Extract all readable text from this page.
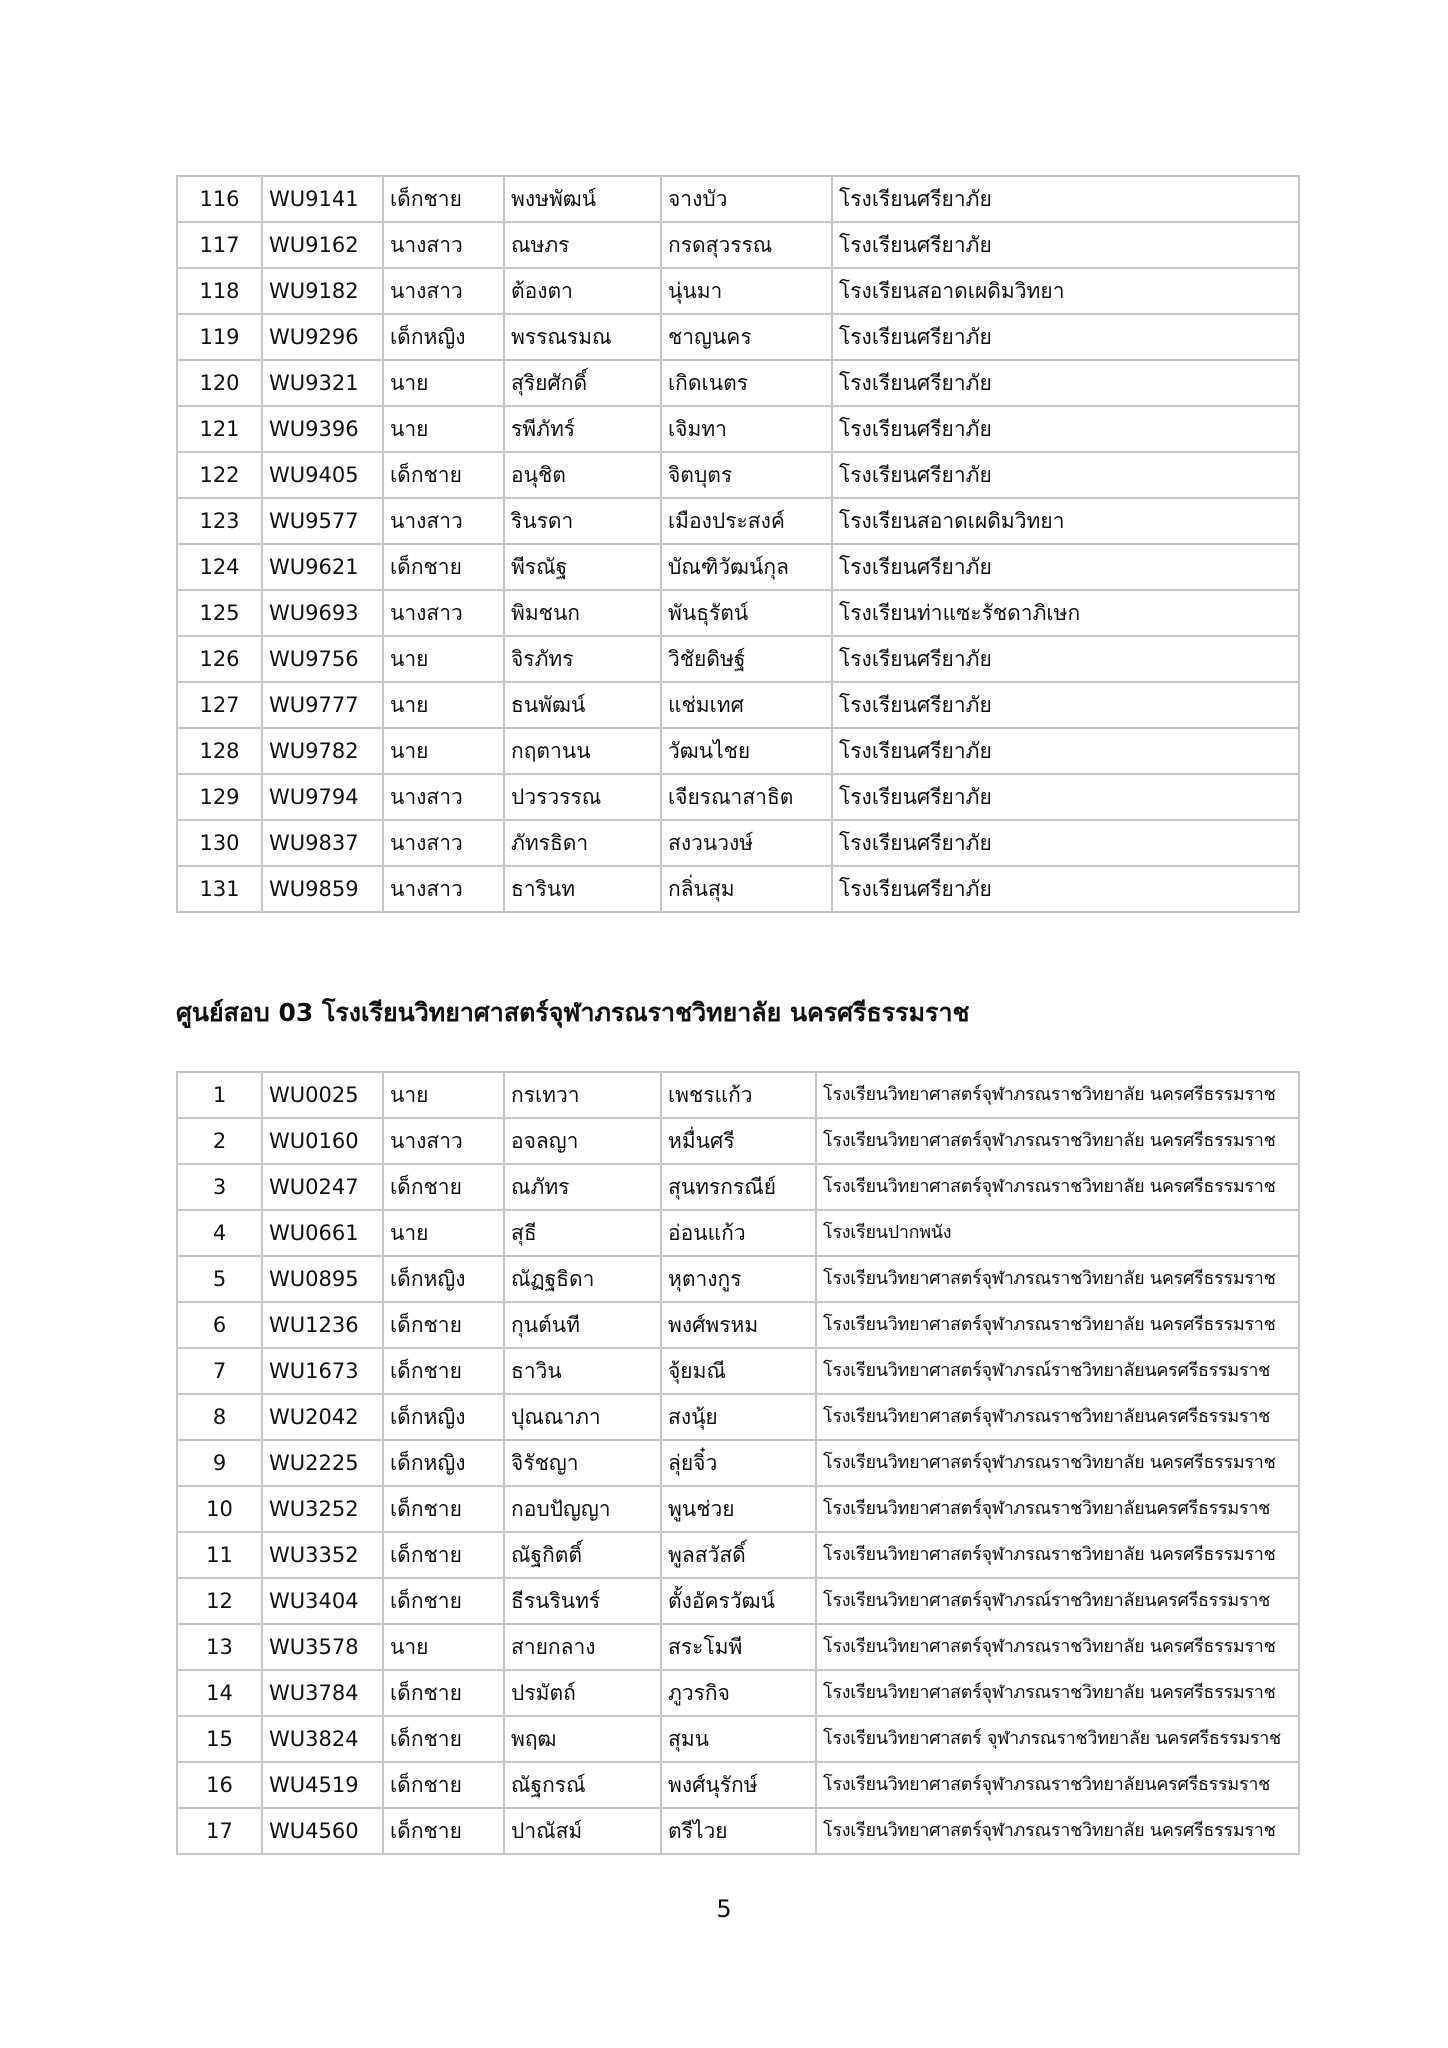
116	WU9141	เด็กชาย	พงษพัฒน์	จางบัว	โรงเรียนศรียาภัย
117	WU9162	นางสาว	ณษภร	กรดสุวรรณ	โรงเรียนศรียาภัย
118	WU9182	นางสาว	ต้องตา	นุ่นมา	โรงเรียนสอาดเผดิมวิทยา
119	WU9296	เด็กหญิง	พรรณรมณ	ชาญนคร	โรงเรียนศรียาภัย
120	WU9321	นาย	สุริยศักดิ์	เกิดเนตร	โรงเรียนศรียาภัย
121	WU9396	นาย	รพีภัทร์	เจิมทา	โรงเรียนศรียาภัย
122	WU9405	เด็กชาย	อนุชิต	จิตบุตร	โรงเรียนศรียาภัย
123	WU9577	นางสาว	รินรดา	เมืองประสงค์	โรงเรียนสอาดเผดิมวิทยา
124	WU9621	เด็กชาย	พีรณัฐ	บัณฑิวัฒน์กุล	โรงเรียนศรียาภัย
125	WU9693	นางสาว	พิมชนก	พันธุรัตน์	โรงเรียนท่าแซะรัชดาภิเษก
126	WU9756	นาย	จิรภัทร	วิชัยดิษฐ์	โรงเรียนศรียาภัย
127	WU9777	นาย	ธนพัฒน์	แช่มเทศ	โรงเรียนศรียาภัย
128	WU9782	นาย	กฤตานน	วัฒนไชย	โรงเรียนศรียาภัย
129	WU9794	นางสาว	ปวรวรรณ	เจียรณาสาธิต	โรงเรียนศรียาภัย
130	WU9837	นางสาว	ภัทรธิดา	สงวนวงษ์	โรงเรียนศรียาภัย
131	WU9859	นางสาว	ธารินท	กลิ่นสุม	โรงเรียนศรียาภัย
ศูนย์สอบ 03 โรงเรียนวิทยาศาสตร์จุฬาภรณราชวิทยาลัย นครศรีธรรมราช
1	WU0025	นาย	กรเทวา	เพชรแก้ว	โรงเรียนวิทยาศาสตร์จุฬาภรณราชวิทยาลัย นครศรีธรรมราช
2	WU0160	นางสาว	อจลญา	หมื่นศรี	โรงเรียนวิทยาศาสตร์จุฬาภรณราชวิทยาลัย นครศรีธรรมราช
3	WU0247	เด็กชาย	ณภัทร	สุนทรกรณีย์	โรงเรียนวิทยาศาสตร์จุฬาภรณราชวิทยาลัย นครศรีธรรมราช
4	WU0661	นาย	สุธี	อ่อนแก้ว	โรงเรียนปากพนัง
5	WU0895	เด็กหญิง	ณัฏฐธิดา	หุตางกูร	โรงเรียนวิทยาศาสตร์จุฬาภรณราชวิทยาลัย นครศรีธรรมราช
6	WU1236	เด็กชาย	กุนต์นที	พงศ์พรหม	โรงเรียนวิทยาศาสตร์จุฬาภรณราชวิทยาลัย นครศรีธรรมราช
7	WU1673	เด็กชาย	ธาวิน	จุ้ยมณี	โรงเรียนวิทยาศาสตร์จุฬาภรณ์ราชวิทยาลัยนครศรีธรรมราช
8	WU2042	เด็กหญิง	ปุณณาภา	สงนุ้ย	โรงเรียนวิทยาศาสตร์จุฬาภรณราชวิทยาลัยนครศรีธรรมราช
9	WU2225	เด็กหญิง	จิรัชญา	ลุ่ยจิ๋ว	โรงเรียนวิทยาศาสตร์จุฬาภรณราชวิทยาลัย นครศรีธรรมราช
10	WU3252	เด็กชาย	กอบปัญญา	พูนช่วย	โรงเรียนวิทยาศาสตร์จุฬาภรณราชวิทยาลัยนครศรีธรรมราช
11	WU3352	เด็กชาย	ณัฐกิตติ์	พูลสวัสดิ์	โรงเรียนวิทยาศาสตร์จุฬาภรณราชวิทยาลัย นครศรีธรรมราช
12	WU3404	เด็กชาย	ธีรนรินทร์	ตั้งอัครวัฒน์	โรงเรียนวิทยาศาสตร์จุฬาภรณ์ราชวิทยาลัยนครศรีธรรมราช
13	WU3578	นาย	สายกลาง	สระโมพี	โรงเรียนวิทยาศาสตร์จุฬาภรณราชวิทยาลัย นครศรีธรรมราช
14	WU3784	เด็กชาย	ปรมัตถ์	ภูวรกิจ	โรงเรียนวิทยาศาสตร์จุฬาภรณราชวิทยาลัย นครศรีธรรมราช
15	WU3824	เด็กชาย	พฤฒ	สุมน	โรงเรียนวิทยาศาสตร์ จุฬาภรณราชวิทยาลัย นครศรีธรรมราช
16	WU4519	เด็กชาย	ณัฐกรณ์	พงศ์นุรักษ์	โรงเรียนวิทยาศาสตร์จุฬาภรณราชวิทยาลัยนครศรีธรรมราช
17	WU4560	เด็กชาย	ปาณัสม์	ตรีไวย	โรงเรียนวิทยาศาสตร์จุฬาภรณราชวิทยาลัย นครศรีธรรมราช
5
